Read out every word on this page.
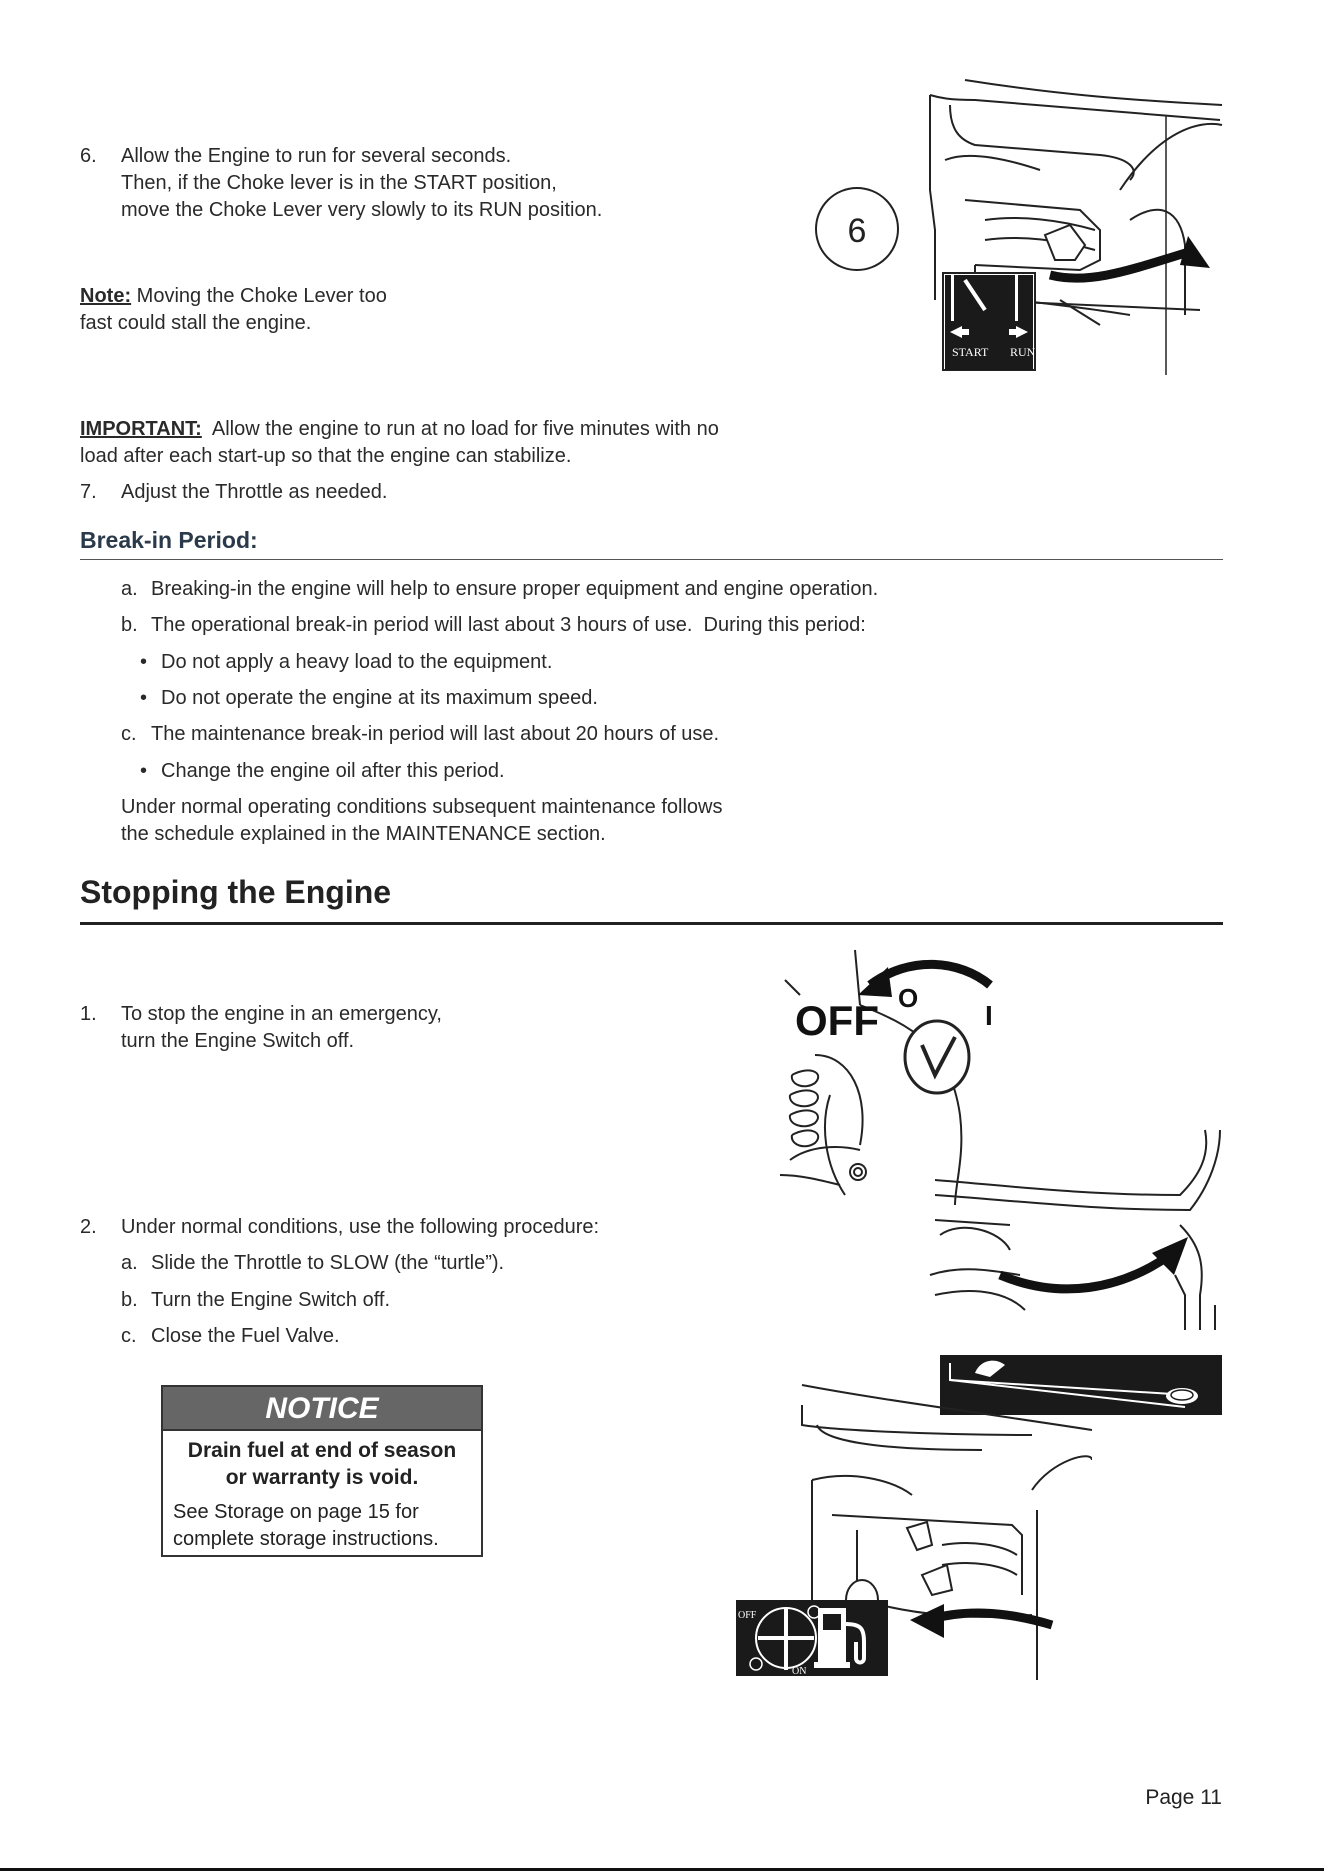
6. Allow the Engine to run for several seconds.
Then, if the Choke lever is in the START position,
move the Choke Lever very slowly to its RUN position.
Note: Moving the Choke Lever too
fast could stall the engine.
IMPORTANT:  Allow the engine to run at no load for five minutes with no
load after each start-up so that the engine can stabilize.
7. Adjust the Throttle as needed.
Break-in Period:
a. Breaking-in the engine will help to ensure proper equipment and engine operation.
b. The operational break-in period will last about 3 hours of use.  During this period:
• Do not apply a heavy load to the equipment.
• Do not operate the engine at its maximum speed.
c. The maintenance break-in period will last about 20 hours of use.
• Change the engine oil after this period.
Under normal operating conditions subsequent maintenance follows
the schedule explained in the MAINTENANCE section.
Stopping the Engine
1. To stop the engine in an emergency,
turn the Engine Switch off.
2. Under normal conditions, use the following procedure:
a. Slide the Throttle to SLOW (the “turtle”).
b. Turn the Engine Switch off.
c. Close the Fuel Valve.
NOTICE
Drain fuel at end of season
or warranty is void.
See Storage on page 15 for
complete storage instructions.
START RUN
6
OFF O
I
OFF
ON
Page 11
